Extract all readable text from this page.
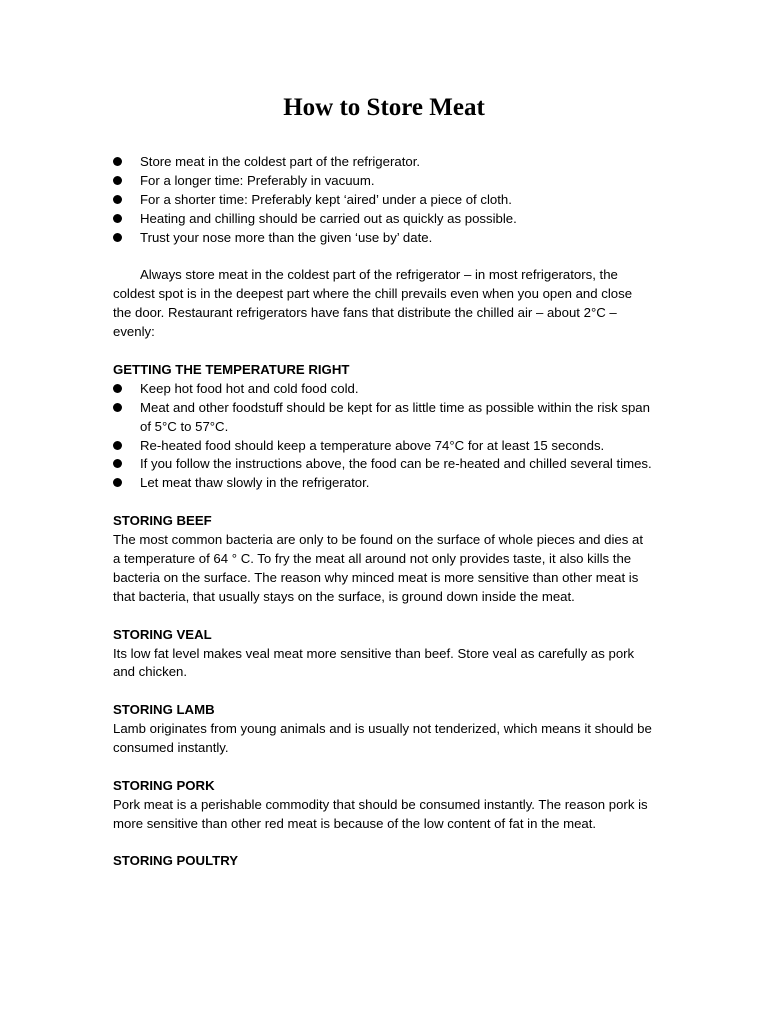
How to Store Meat
Store meat in the coldest part of the refrigerator.
For a longer time: Preferably in vacuum.
For a shorter time: Preferably kept ‘aired’ under a piece of cloth.
Heating and chilling should be carried out as quickly as possible.
Trust your nose more than the given ‘use by’ date.

Always store meat in the coldest part of the refrigerator – in most refrigerators, the coldest spot is in the deepest part where the chill prevails even when you open and close the door. Restaurant refrigerators have fans that distribute the chilled air – about 2°C – evenly:

GETTING THE TEMPERATURE RIGHT
Keep hot food hot and cold food cold.
Meat and other foodstuff should be kept for as little time as possible within the risk span of 5°C to 57°C.
Re-heated food should keep a temperature above 74°C for at least 15 seconds.
If you follow the instructions above, the food can be re-heated and chilled several times.
Let meat thaw slowly in the refrigerator.
STORING BEEF

The most common bacteria are only to be found on the surface of whole pieces and dies at a temperature of 64 ° C. To fry the meat all around not only provides taste, it also kills the bacteria on the surface. The reason why minced meat is more sensitive than other meat is that bacteria, that usually stays on the surface, is ground down inside the meat.

STORING VEAL

Its low fat level makes veal meat more sensitive than beef. Store veal as carefully as pork and chicken.

STORING LAMB

Lamb originates from young animals and is usually not tenderized, which means it should be consumed instantly.

STORING PORK

Pork meat is a perishable commodity that should be consumed instantly. The reason pork is more sensitive than other red meat is because of the low content of fat in the meat.

STORING POULTRY
